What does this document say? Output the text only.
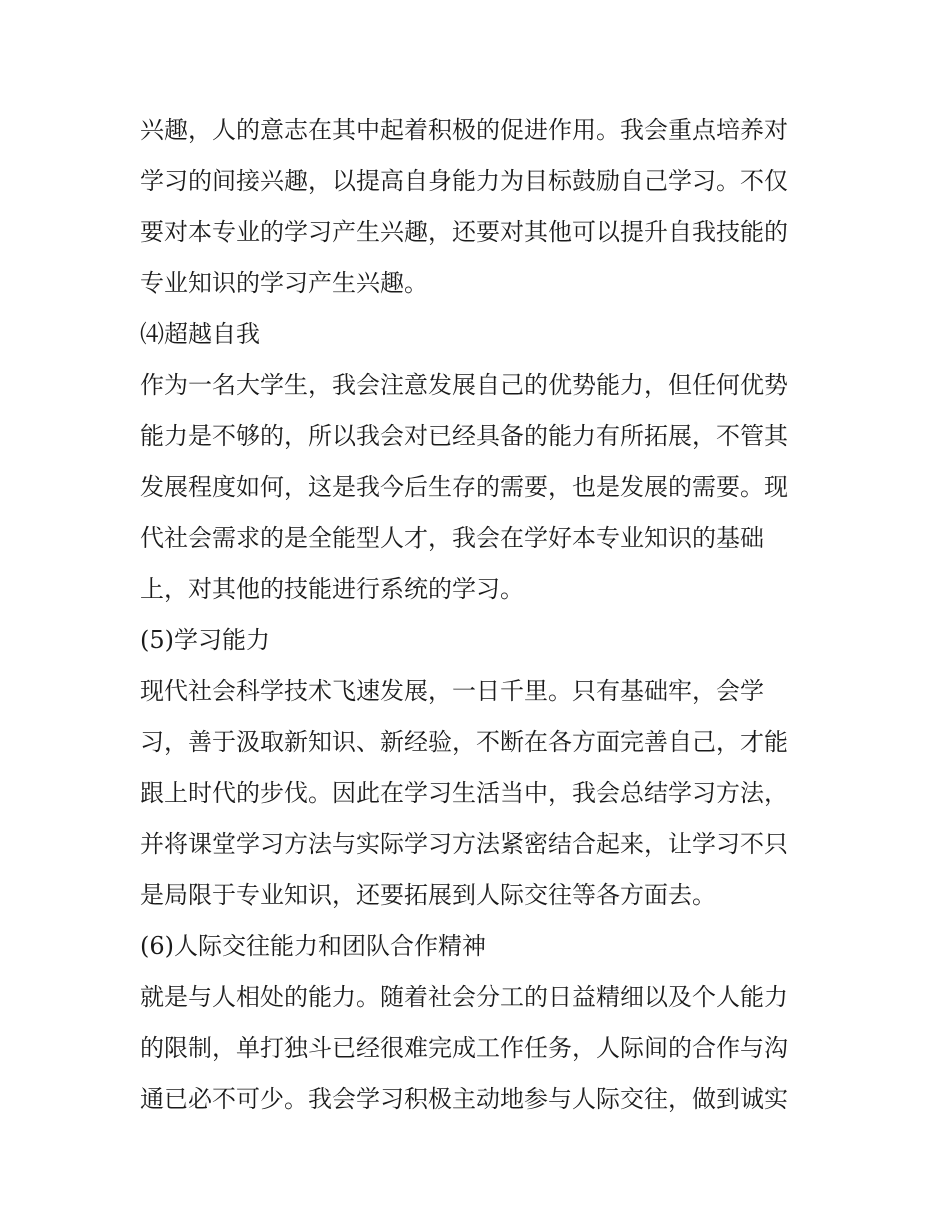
兴趣，人的意志在其中起着积极的促进作用。我会重点培养对
学习的间接兴趣，以提高自身能力为目标鼓励自己学习。不仅
要对本专业的学习产生兴趣，还要对其他可以提升自我技能的
专业知识的学习产生兴趣。
⑷超越自我
作为一名大学生，我会注意发展自己的优势能力，但任何优势
能力是不够的，所以我会对已经具备的能力有所拓展，不管其
发展程度如何，这是我今后生存的需要，也是发展的需要。现
代社会需求的是全能型人才，我会在学好本专业知识的基础
上，对其他的技能进行系统的学习。
(5)学习能力
现代社会科学技术飞速发展，一日千里。只有基础牢，会学
习，善于汲取新知识、新经验，不断在各方面完善自己，才能
跟上时代的步伐。因此在学习生活当中，我会总结学习方法，
并将课堂学习方法与实际学习方法紧密结合起来，让学习不只
是局限于专业知识，还要拓展到人际交往等各方面去。
(6)人际交往能力和团队合作精神
就是与人相处的能力。随着社会分工的日益精细以及个人能力
的限制，单打独斗已经很难完成工作任务，人际间的合作与沟
通已必不可少。我会学习积极主动地参与人际交往，做到诚实
